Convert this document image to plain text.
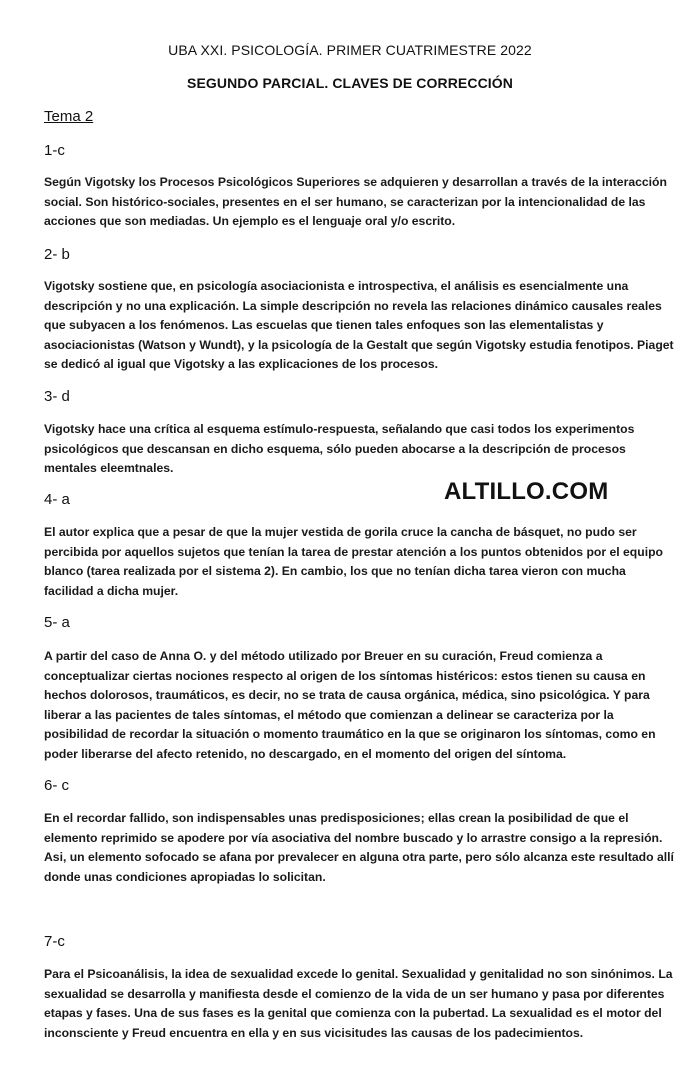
UBA XXI. PSICOLOGÍA. PRIMER CUATRIMESTRE 2022
SEGUNDO PARCIAL. CLAVES DE CORRECCIÓN
Tema 2
1-c
Según Vigotsky los Procesos Psicológicos Superiores se adquieren y desarrollan a través de la interacción social. Son histórico-sociales, presentes en el ser humano, se caracterizan por la intencionalidad de las acciones que son mediadas. Un ejemplo es el lenguaje oral y/o escrito.
2- b
Vigotsky sostiene que, en psicología asociacionista e introspectiva, el análisis es esencialmente una descripción y no una explicación. La simple descripción no revela las relaciones dinámico causales reales que subyacen a los fenómenos. Las escuelas que tienen tales enfoques son las elementalistas y asociacionistas (Watson y Wundt), y la psicología de la Gestalt que según Vigotsky estudia fenotipos. Piaget se dedicó al igual que Vigotsky a las explicaciones de los procesos.
3- d
Vigotsky hace una crítica al esquema estímulo-respuesta, señalando que casi todos los experimentos psicológicos que descansan en dicho esquema, sólo pueden abocarse a la descripción de procesos mentales eleemtnales.
4- a	ALTILLO.COM
El autor explica que a pesar de que la mujer vestida de gorila cruce la cancha de básquet, no pudo ser percibida por aquellos sujetos que tenían la tarea de prestar atención a los puntos obtenidos por el equipo blanco (tarea realizada por el sistema 2). En cambio, los que no tenían dicha tarea vieron con mucha facilidad a dicha mujer.
5- a
A partir del caso de Anna O. y del método utilizado por Breuer en su curación, Freud comienza a conceptualizar ciertas nociones respecto al origen de los síntomas histéricos: estos tienen su causa en hechos dolorosos, traumáticos, es decir, no se trata de causa orgánica, médica, sino psicológica. Y para liberar a las pacientes de tales síntomas, el método que comienzan a delinear se caracteriza por la posibilidad de recordar la situación o momento traumático en la que se originaron los síntomas, como en poder liberarse del afecto retenido, no descargado, en el momento del origen del síntoma.
6- c
En el recordar fallido, son indispensables unas predisposiciones; ellas crean la posibilidad de que el elemento reprimido se apodere por vía asociativa del nombre buscado y lo arrastre consigo a la represión. Asi, un elemento sofocado se afana por prevalecer en alguna otra parte, pero sólo alcanza este resultado allí donde unas condiciones apropiadas lo solicitan.
7-c
Para el Psicoanálisis, la idea de sexualidad excede lo genital. Sexualidad y genitalidad no son sinónimos. La sexualidad se desarrolla y manifiesta desde el comienzo de la vida de un ser humano y pasa por diferentes etapas y fases. Una de sus fases es la genital que comienza con la pubertad. La sexualidad es el motor del inconsciente y Freud encuentra en ella y en sus vicisitudes las causas de los padecimientos.
